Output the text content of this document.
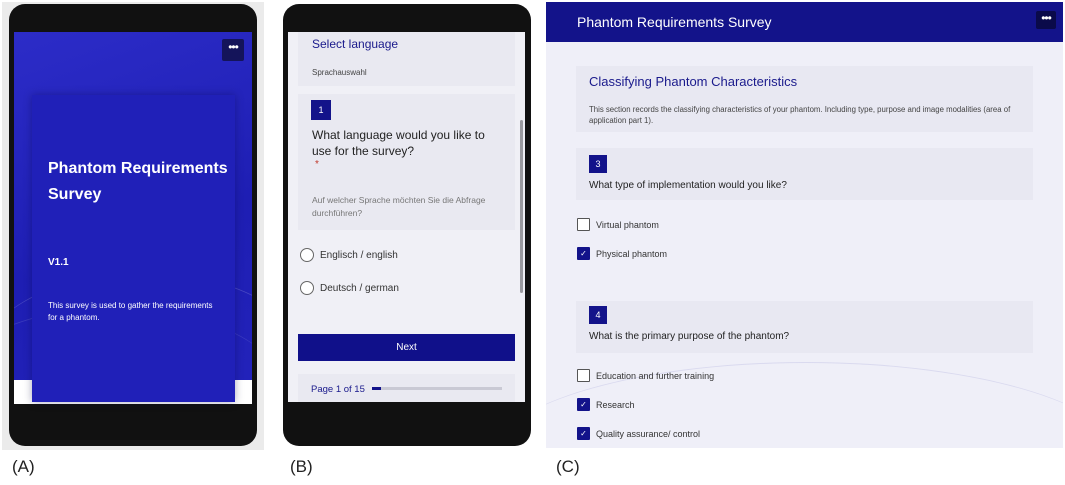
•••
Phantom Requirements Survey
V1.1
This survey is used to gather the requirements for a phantom.
Select language
Sprachauswahl
1
What language would you like to use for the survey?
*
Auf welcher Sprache möchten Sie die Abfrage durchführen?
Englisch / english
Deutsch / german
Next
Page 1 of 15
Phantom Requirements Survey	•••
Classifying Phantom Characteristics
This section records the classifying characteristics of your phantom. Including type, purpose and image modalities (area of application part 1).
3
What type of implementation would you like?
Virtual phantom
✓	Physical phantom
4
What is the primary purpose of the phantom?
Education and further training
✓	Research
✓	Quality assurance/ control
(A)	(B)	(C)
